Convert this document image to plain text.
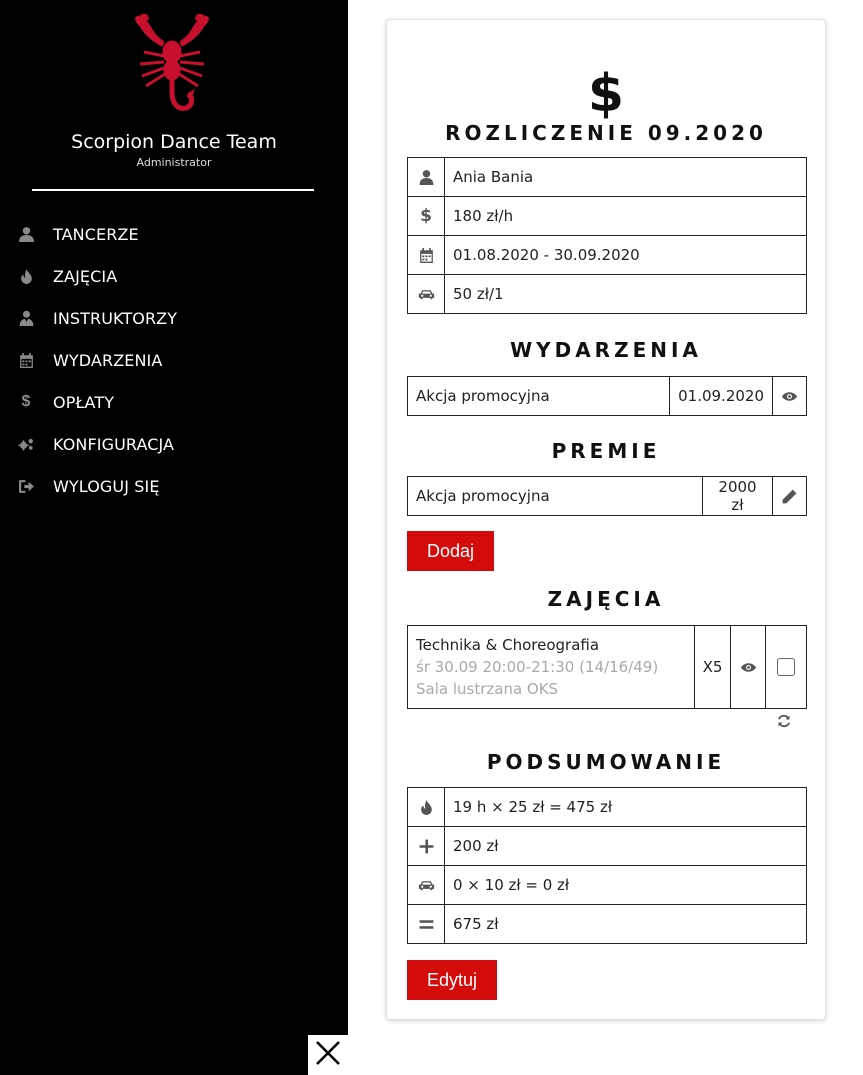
Scorpion Dance Team
Administrator
TANCERZE
ZAJĘCIA
INSTRUKTORZY
WYDARZENIA
$	OPŁATY
KONFIGURACJA
WYLOGUJ SIĘ
$
ROZLICZENIE 09.2020
	Ania Bania
$	180 zł/h

	01.08.2020 - 30.09.2020

	50 zł/1
WYDARZENIA
Akcja promocyjna	01.09.2020	
PREMIE
Akcja promocyjna	2000 zł	
Dodaj
ZAJĘCIA
Technika & Choreografia
śr 30.09 20:00-21:30 (14/16/49)
Sala lustrzana OKS
	X5	

PODSUMOWANIE
	19 h × 25 zł = 475 zł

	200 zł

	0 × 10 zł = 0 zł

	675 zł
Edytuj
